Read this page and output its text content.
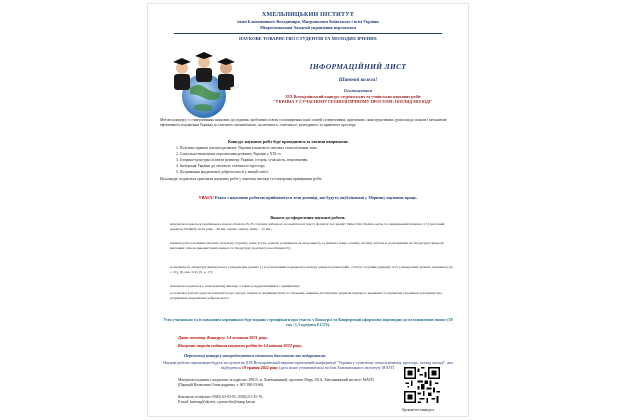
ХМЕЛЬНИЦЬКИЙ ІНСТИТУТ

імені Блаженнішого Володимира, Митрополита Київського і всієї України

Міжрегіональної Академії управління персоналом

НАУКОВЕ ТОВАРИСТВО СТУДЕНТІВ ТА МОЛОДИХ ВЧЕНИХ

ІНФОРМАЦІЙНИЙ ЛИСТ

Шановні колеги!

Оголошується

XIX Всеукраїнський конкурс студентських та учнівських наукових робіт

"УКРАЇНА У СУЧАСНОМУ ГЕОПОЛІТИЧНОМУ ПРОСТОРІ: ПОГЛЯД МОЛОДІ"

Метою конкурсу є стимулювання наукових досліджень здобувачів освіти та поширення їхніх смітей суперечливих, критичних і конструктивних думок щодо шляхів і механізмів ефективного входження України до світового економічного, політичного, освітнього, культурного та правового простору.

Конкурс наукових робіт буде проводитися за такими напрямами:

1. Політико-правові аспекти розвитку України в контексті світових геополітичних змін.

2. Соціально-економічні перспективи розвитку України у XXI ст.

3. Історико-культурні аспекти розвитку України: історія, сучасність, перспективи.

4. Інтеграція України до світового освітнього простору.

5. Дотримання академічної доброчесності у вищій освіті.

На конкурс подаються оригінали наукових робіт у зшитому вигляді та електронні примірники робіт.

УВАГА! Разом з науковою роботою приймаються тези доповіді, які будуть опубліковані у Збірнику наукових праць.

Вимоги до оформлення наукової роботи:

▪ матеріали подаються українською мовою обсягом 25-35 сторінок набраного на комп'ютері тексту формату А4; шрифт Times New Roman, кегль 14, міжрядковий інтервал 1,5 (текстовий редактор WORD); поля зліва – 30 мм, справа, зверху, знизу – 15 мм.;

▪ наукова робота повинна містити: титульну сторінку; план; вступ, в якому розкривається актуальність та новизна теми; основну частину роботи із посиланнями на літературні джерела; висновки; список використаних джерел та літератури; додатки (за необхідності);

▪ посилання на літературу виконуються у квадратних дужках [ ] із позначенням порядкового номеру джерела (монографії, статті) і сторінки (аркуша) та їх у квадратних дужках, наприклад: [4, с. 21], [6, арк. 112], [9, р. 17];

▪ матеріали подаються у електронному вигляді, а також роздрукованими в 1 примірнику;

▪ до наукової роботи додається відомість про автора, наукового керівника (ім'я, по батькові), наявною інституцією рецензія наукового керівника та підписана учасником декларація про дотримання академічної доброчесності.

Усім учасникам та їх науковим керівникам буде видано сертифікати про участь у Конкурсі та Конференції оформлені відповідно до встановлених вимог (39 год / 1,3 кредита ECTS).

Дата початку Конкурсу: 14 жовтня 2021 року.

Кінцевий термін подання наукових робіт до 14 квітня 2022 року.

Переможці конкурсу нагороджуються іменними дипломами та подарунками.

Наукові роботи переможців будуть заслухані на XIX Всеукраїнській науково-практичній конференції "Україна у сучасному геополітичному просторі: погляд молоді", яка відбудеться 19 травня 2022 року (дата може уточнюватись) на базі Хмельницького інституту МАУП.

Матеріали подавати і надсилати за адресою: 29015, м. Хмельницький, проспект Миру 101А, Хмельницький інститут МАУП (Паращій Валентина Олександрівна, т. 067-588-53-66).

Контактні телефони: (0382) 63-03-05, (0382) 61-25-19,

E-mail: hmesnp@ukr.net, v.paraschiv@maup.km.ua

Оргкомітет конкурсу
